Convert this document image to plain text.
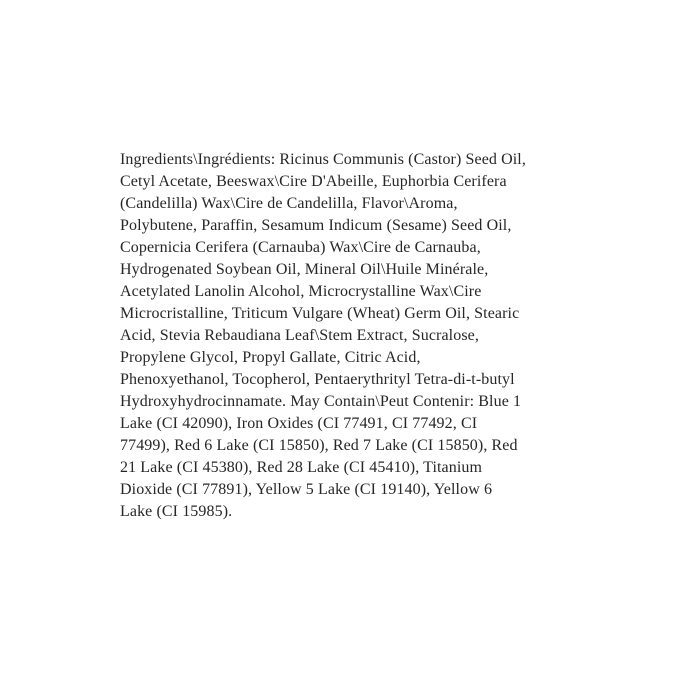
Ingredients\Ingrédients: Ricinus Communis (Castor) Seed Oil,
Cetyl Acetate, Beeswax\Cire D'Abeille, Euphorbia Cerifera
(Candelilla) Wax\Cire de Candelilla, Flavor\Aroma,
Polybutene, Paraffin, Sesamum Indicum (Sesame) Seed Oil,
Copernicia Cerifera (Carnauba) Wax\Cire de Carnauba,
Hydrogenated Soybean Oil, Mineral Oil\Huile Minérale,
Acetylated Lanolin Alcohol, Microcrystalline Wax\Cire
Microcristalline, Triticum Vulgare (Wheat) Germ Oil, Stearic
Acid, Stevia Rebaudiana Leaf\Stem Extract, Sucralose,
Propylene Glycol, Propyl Gallate, Citric Acid,
Phenoxyethanol, Tocopherol, Pentaerythrityl Tetra-di-t-butyl
Hydroxyhydrocinnamate. May Contain\Peut Contenir: Blue 1
Lake (CI 42090), Iron Oxides (CI 77491, CI 77492, CI
77499), Red 6 Lake (CI 15850), Red 7 Lake (CI 15850), Red
21 Lake (CI 45380), Red 28 Lake (CI 45410), Titanium
Dioxide (CI 77891), Yellow 5 Lake (CI 19140), Yellow 6
Lake (CI 15985).
